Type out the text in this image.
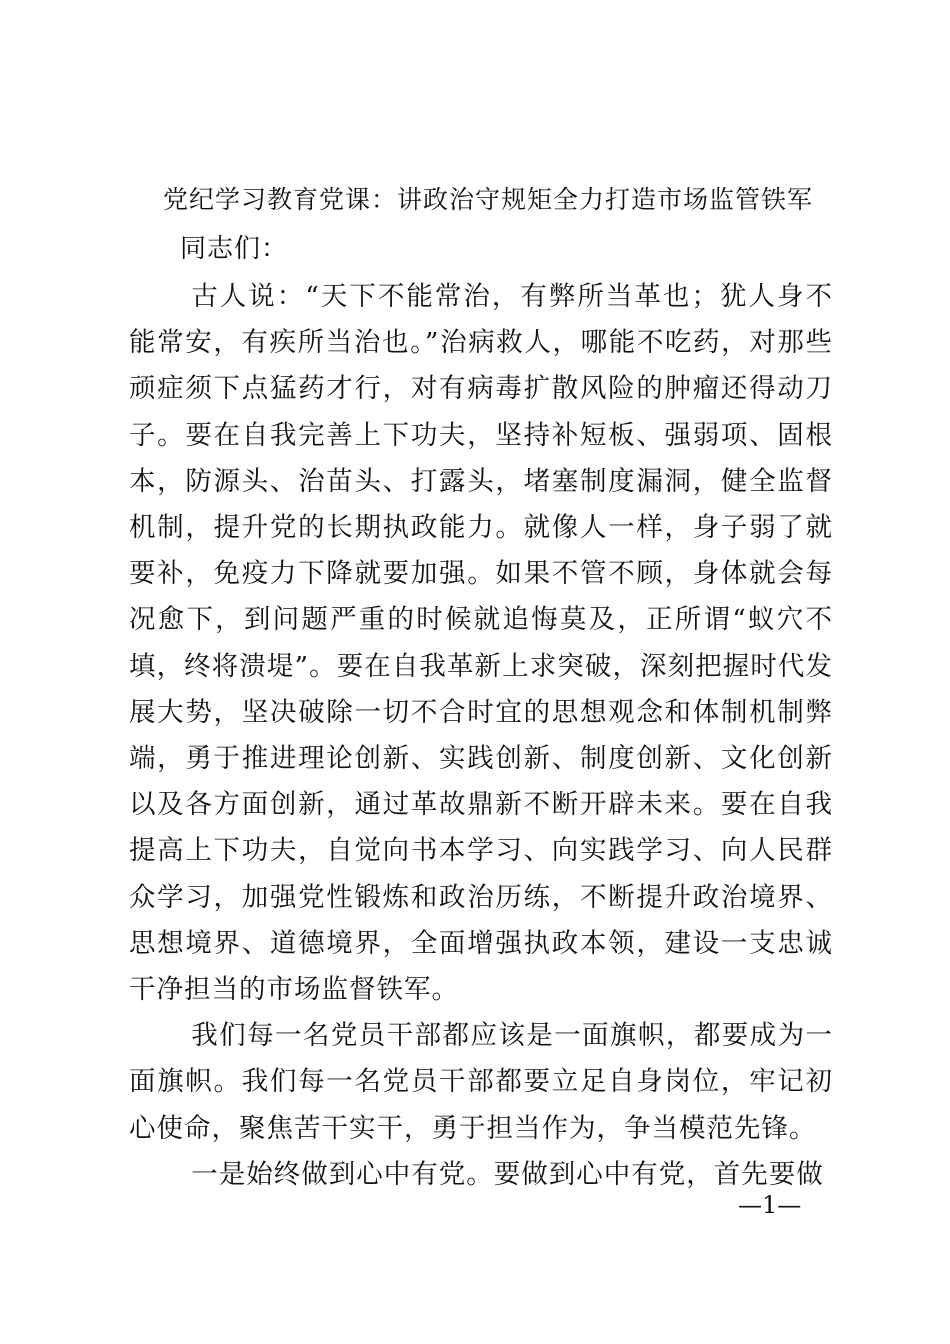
党纪学习教育党课：讲政治守规矩全力打造市场监管铁军
同志们：

古人说：“天下不能常治，有弊所当革也；犹人身不能常安，有疾所当治也。”治病救人，哪能不吃药，对那些顽症须下点猛药才行，对有病毒扩散风险的肿瘤还得动刀子。要在自我完善上下功夫，坚持补短板、强弱项、固根本，防源头、治苗头、打露头，堵塞制度漏洞，健全监督机制，提升党的长期执政能力。就像人一样，身子弱了就要补，免疫力下降就要加强。如果不管不顾，身体就会每况愈下，到问题严重的时候就追悔莫及，正所谓“蚁穴不填，终将溃堤”。要在自我革新上求突破，深刻把握时代发展大势，坚决破除一切不合时宜的思想观念和体制机制弊端，勇于推进理论创新、实践创新、制度创新、文化创新以及各方面创新，通过革故鼎新不断开辟未来。要在自我提高上下功夫，自觉向书本学习、向实践学习、向人民群众学习，加强党性锻炼和政治历练，不断提升政治境界、思想境界、道德境界，全面增强执政本领，建设一支忠诚干净担当的市场监督铁军。

我们每一名党员干部都应该是一面旗帜，都要成为一面旗帜。我们每一名党员干部都要立足自身岗位，牢记初心使命，聚焦苦干实干，勇于担当作为，争当模范先锋。

一是始终做到心中有党。要做到心中有党，首先要做

—1—
